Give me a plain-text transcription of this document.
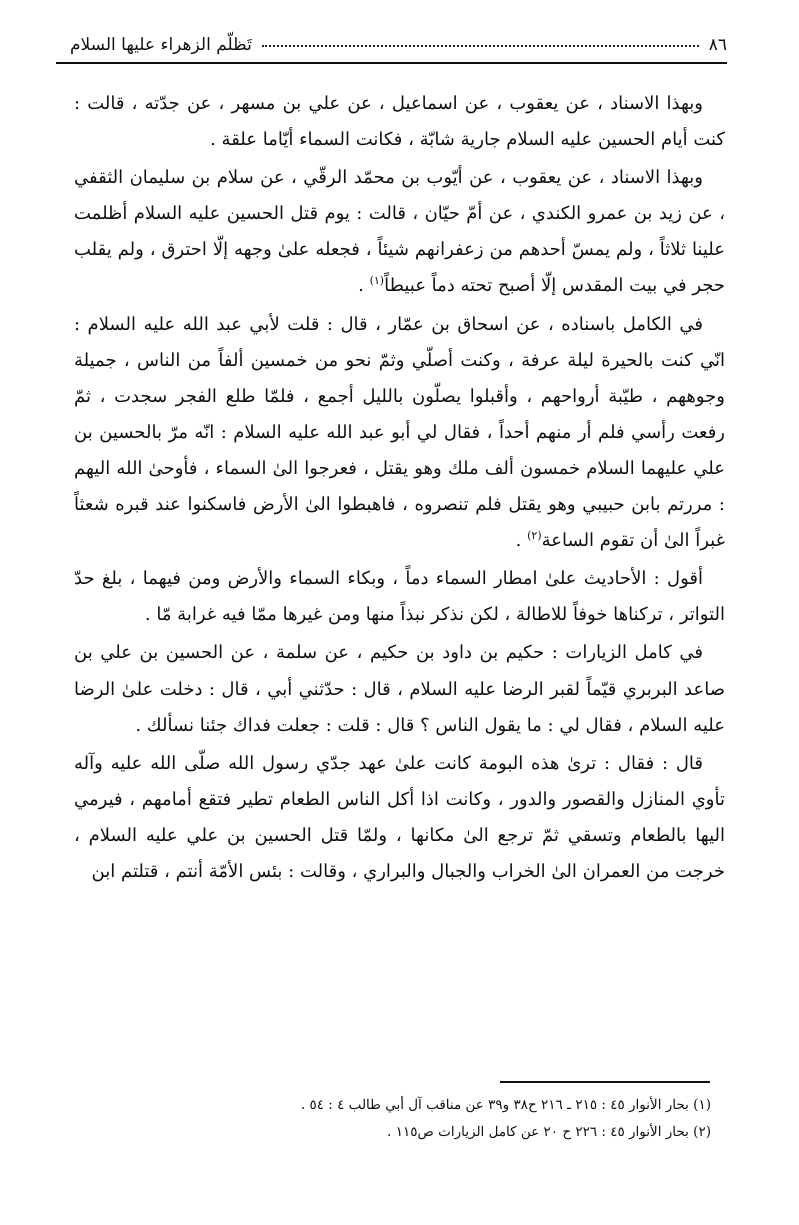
٨٦
تَظلّم الزهراء عليها السلام

وبهذا الاسناد ، عن يعقوب ، عن اسماعيل ، عن علي بن مسهر ، عن جدّته ، قالت : كنت أيام الحسين عليه السلام جارية شابّة ، فكانت السماء أيّاما علقة .

وبهذا الاسناد ، عن يعقوب ، عن أيّوب بن محمّد الرقّي ، عن سلام بن سليمان الثقفي ، عن زيد بن عمرو الكندي ، عن أمّ حيّان ، قالت : يوم قتل الحسين عليه السلام أظلمت علينا ثلاثاً ، ولم يمسّ أحدهم من زعفرانهم شيئاً ، فجعله علىٰ وجهه إلّا احترق ، ولم يقلب حجر في بيت المقدس إلّا أصبح تحته دماً عبيطاً$^{(١)}$ .

في الكامل باسناده ، عن اسحاق بن عمّار ، قال : قلت لأبي عبد الله عليه السلام : انّي كنت بالحيرة ليلة عرفة ، وكنت أصلّي وثمّ نحو من خمسين ألفاً من الناس ، جميلة وجوههم ، طيّبة أرواحهم ، وأقبلوا يصلّون بالليل أجمع ، فلمّا طلع الفجر سجدت ، ثمّ رفعت رأسي فلم أر منهم أحداً ، فقال لي أبو عبد الله عليه السلام : انّه مرّ بالحسين بن علي عليهما السلام خمسون ألف ملك وهو يقتل ، فعرجوا الىٰ السماء ، فأوحىٰ الله اليهم : مررتم بابن حبيبي وهو يقتل فلم تنصروه ، فاهبطوا الىٰ الأرض فاسكنوا عند قبره شعثاً غبراً الىٰ أن تقوم الساعة$^{(٢)}$ .

أقول : الأحاديث علىٰ امطار السماء دماً ، وبكاء السماء والأرض ومن فيهما ، بلغ حدّ التواتر ، تركناها خوفاً للاطالة ، لكن نذكر نبذاً منها ومن غيرها ممّا فيه غرابة مّا .

في كامل الزيارات : حكيم بن داود بن حكيم ، عن سلمة ، عن الحسين بن علي بن صاعد البربري قيّماً لقبر الرضا عليه السلام ، قال : حدّثني أبي ، قال : دخلت علىٰ الرضا عليه السلام ، فقال لي : ما يقول الناس ؟ قال : قلت : جعلت فداك جئنا نسألك .

قال : فقال : ترىٰ هذه البومة كانت علىٰ عهد جدّي رسول الله صلّى الله عليه وآله تأوي المنازل والقصور والدور ، وكانت اذا أكل الناس الطعام تطير فتقع أمامهم ، فيرمي اليها بالطعام وتسقي ثمّ ترجع الىٰ مكانها ، ولمّا قتل الحسين بن علي عليه السلام ، خرجت من العمران الىٰ الخراب والجبال والبراري ، وقالت : بئس الأمّة أنتم ، قتلتم ابن

(١) بحار الأنوار ٤٥ : ٢١٥ ـ ٢١٦ ح٣٨ و٣٩ عن مناقب آل أبي طالب ٤ : ٥٤ .
(٢) بحار الأنوار ٤٥ : ٢٢٦ ح ٢٠ عن كامل الزيارات ص١١٥ .
